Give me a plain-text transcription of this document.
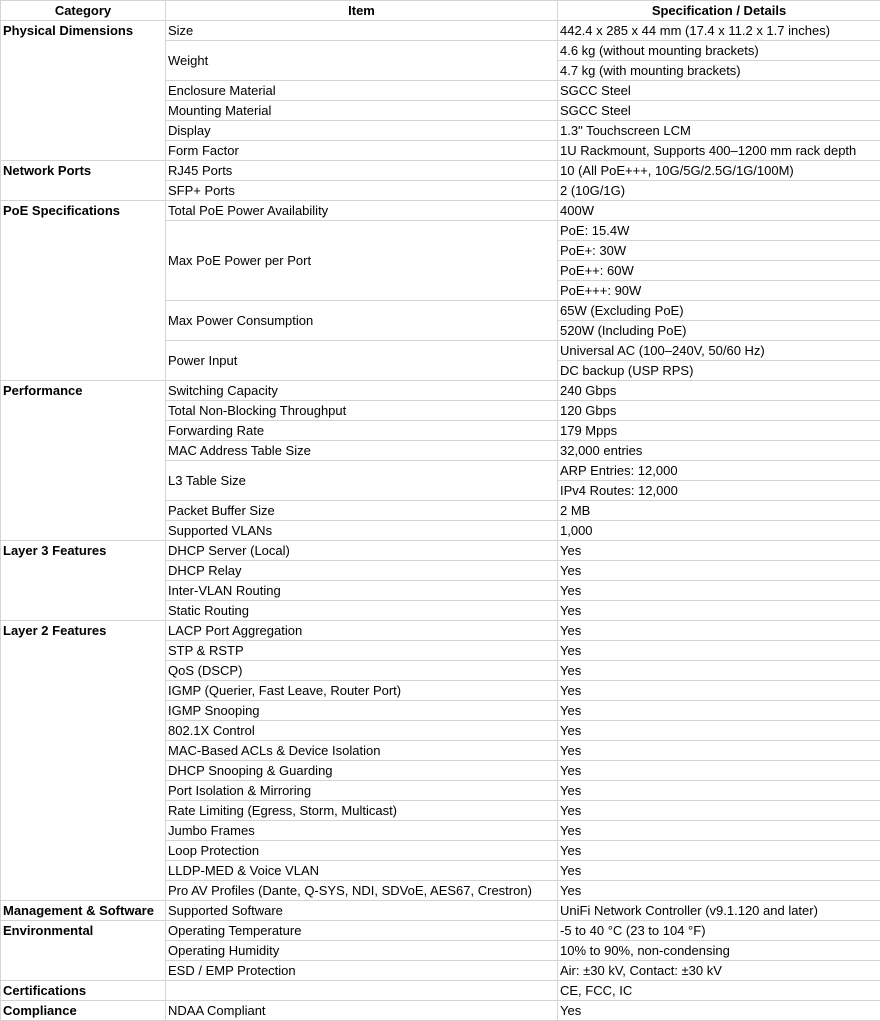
Category	Item	Specification / Details
Physical Dimensions	Size	442.4 x 285 x 44 mm (17.4 x 11.2 x 1.7 inches)
	Weight	4.6 kg (without mounting brackets)
		4.7 kg (with mounting brackets)
	Enclosure Material	SGCC Steel
	Mounting Material	SGCC Steel
	Display	1.3" Touchscreen LCM
	Form Factor	1U Rackmount, Supports 400–1200 mm rack depth
Network Ports	RJ45 Ports	10 (All PoE+++, 10G/5G/2.5G/1G/100M)
	SFP+ Ports	2 (10G/1G)
PoE Specifications	Total PoE Power Availability	400W
	Max PoE Power per Port	PoE: 15.4W
		PoE+: 30W
		PoE++: 60W
		PoE+++: 90W
	Max Power Consumption	65W (Excluding PoE)
		520W (Including PoE)
	Power Input	Universal AC (100–240V, 50/60 Hz)
		DC backup (USP RPS)
Performance	Switching Capacity	240 Gbps
	Total Non-Blocking Throughput	120 Gbps
	Forwarding Rate	179 Mpps
	MAC Address Table Size	32,000 entries
	L3 Table Size	ARP Entries: 12,000
		IPv4 Routes: 12,000
	Packet Buffer Size	2 MB
	Supported VLANs	1,000
Layer 3 Features	DHCP Server (Local)	Yes
	DHCP Relay	Yes
	Inter-VLAN Routing	Yes
	Static Routing	Yes
Layer 2 Features	LACP Port Aggregation	Yes
	STP & RSTP	Yes
	QoS (DSCP)	Yes
	IGMP (Querier, Fast Leave, Router Port)	Yes
	IGMP Snooping	Yes
	802.1X Control	Yes
	MAC-Based ACLs & Device Isolation	Yes
	DHCP Snooping & Guarding	Yes
	Port Isolation & Mirroring	Yes
	Rate Limiting (Egress, Storm, Multicast)	Yes
	Jumbo Frames	Yes
	Loop Protection	Yes
	LLDP-MED & Voice VLAN	Yes
	Pro AV Profiles (Dante, Q-SYS, NDI, SDVoE, AES67, Crestron)	Yes
Management & Software	Supported Software	UniFi Network Controller (v9.1.120 and later)
Environmental	Operating Temperature	-5 to 40 °C (23 to 104 °F)
	Operating Humidity	10% to 90%, non-condensing
	ESD / EMP Protection	Air: ±30 kV, Contact: ±30 kV
Certifications		CE, FCC, IC
Compliance	NDAA Compliant	Yes
